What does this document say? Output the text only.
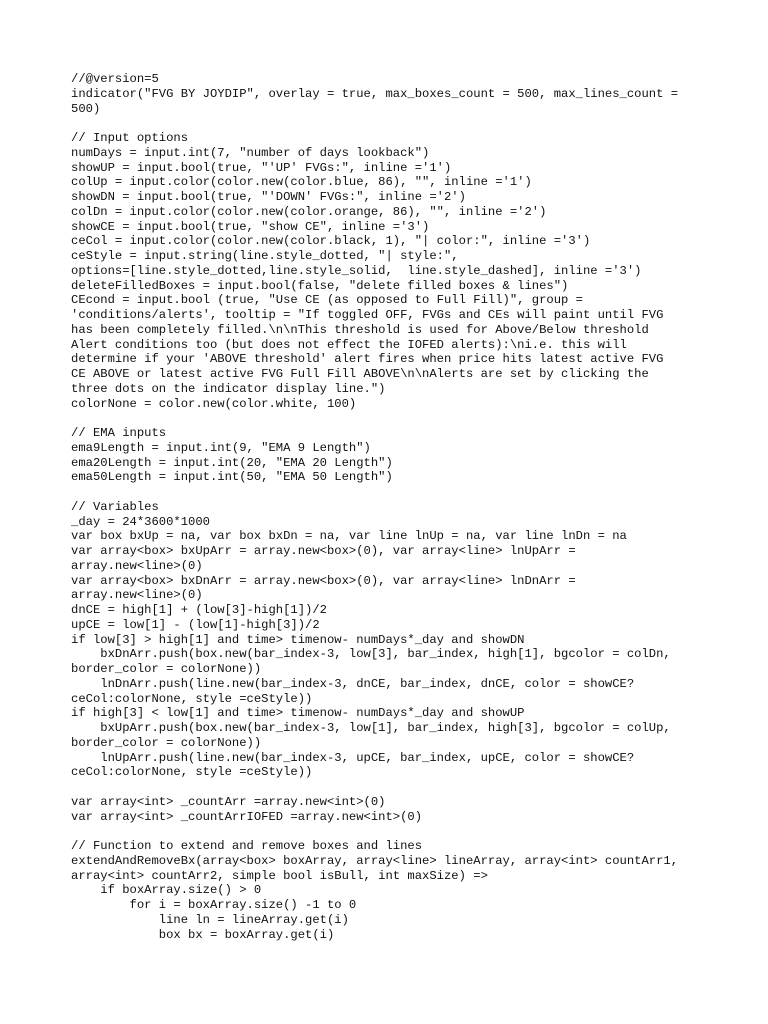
//@version=5
indicator("FVG BY JOYDIP", overlay = true, max_boxes_count = 500, max_lines_count =
500)
// Input options
numDays = input.int(7, "number of days lookback")
showUP = input.bool(true, "'UP' FVGs:", inline ='1')
colUp = input.color(color.new(color.blue, 86), "", inline ='1')
showDN = input.bool(true, "'DOWN' FVGs:", inline ='2')
colDn = input.color(color.new(color.orange, 86), "", inline ='2')
showCE = input.bool(true, "show CE", inline ='3')
ceCol = input.color(color.new(color.black, 1), "| color:", inline ='3')
ceStyle = input.string(line.style_dotted, "| style:",
options=[line.style_dotted,line.style_solid,  line.style_dashed], inline ='3')
deleteFilledBoxes = input.bool(false, "delete filled boxes & lines")
CEcond = input.bool (true, "Use CE (as opposed to Full Fill)", group =
'conditions/alerts', tooltip = "If toggled OFF, FVGs and CEs will paint until FVG
has been completely filled.\n\nThis threshold is used for Above/Below threshold
Alert conditions too (but does not effect the IOFED alerts):\ni.e. this will
determine if your 'ABOVE threshold' alert fires when price hits latest active FVG
CE ABOVE or latest active FVG Full Fill ABOVE\n\nAlerts are set by clicking the
three dots on the indicator display line.")
colorNone = color.new(color.white, 100)
// EMA inputs
ema9Length = input.int(9, "EMA 9 Length")
ema20Length = input.int(20, "EMA 20 Length")
ema50Length = input.int(50, "EMA 50 Length")
// Variables
_day = 24*3600*1000
var box bxUp = na, var box bxDn = na, var line lnUp = na, var line lnDn = na
var array<box> bxUpArr = array.new<box>(0), var array<line> lnUpArr =
array.new<line>(0)
var array<box> bxDnArr = array.new<box>(0), var array<line> lnDnArr =
array.new<line>(0)
dnCE = high[1] + (low[3]-high[1])/2
upCE = low[1] - (low[1]-high[3])/2
if low[3] > high[1] and time> timenow- numDays*_day and showDN
bxDnArr.push(box.new(bar_index-3, low[3], bar_index, high[1], bgcolor = colDn,
border_color = colorNone))
lnDnArr.push(line.new(bar_index-3, dnCE, bar_index, dnCE, color = showCE?
ceCol:colorNone, style =ceStyle))
if high[3] < low[1] and time> timenow- numDays*_day and showUP
bxUpArr.push(box.new(bar_index-3, low[1], bar_index, high[3], bgcolor = colUp,
border_color = colorNone))
lnUpArr.push(line.new(bar_index-3, upCE, bar_index, upCE, color = showCE?
ceCol:colorNone, style =ceStyle))
var array<int> _countArr =array.new<int>(0)
var array<int> _countArrIOFED =array.new<int>(0)
// Function to extend and remove boxes and lines
extendAndRemoveBx(array<box> boxArray, array<line> lineArray, array<int> countArr1,
array<int> countArr2, simple bool isBull, int maxSize) =>
if boxArray.size() > 0
for i = boxArray.size() -1 to 0
line ln = lineArray.get(i)
box bx = boxArray.get(i)
